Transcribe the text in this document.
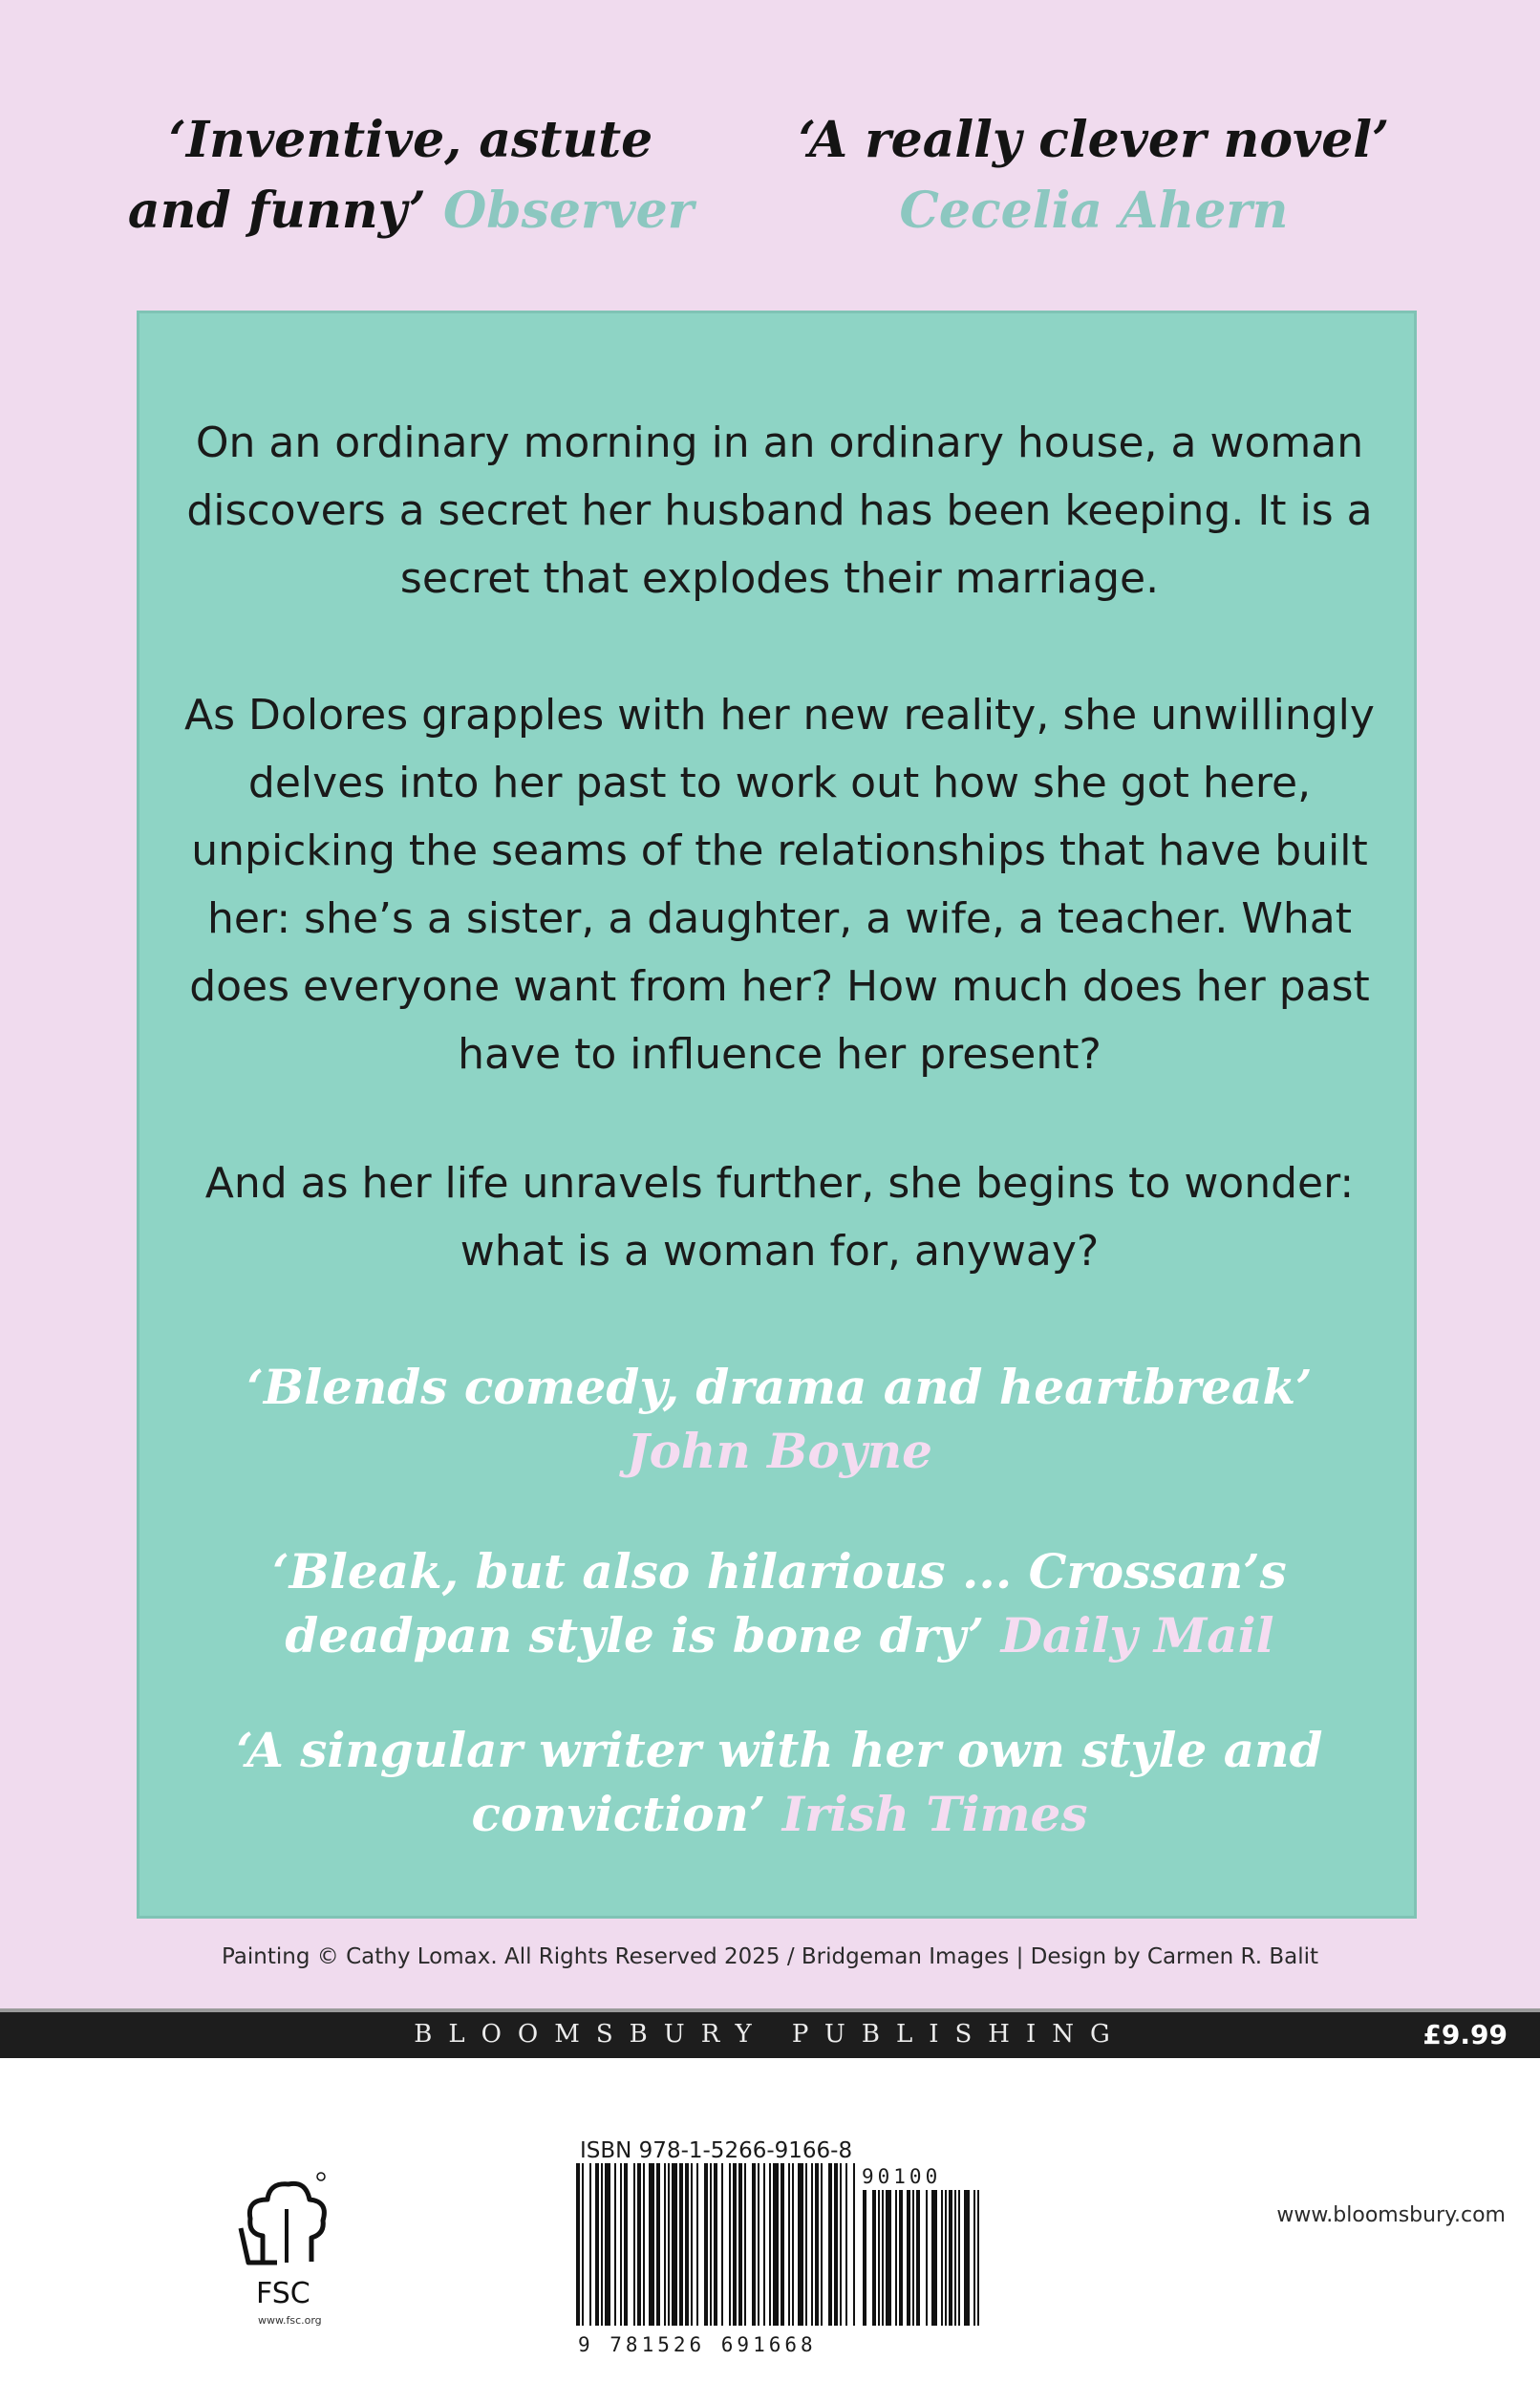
‘Inventive, astute and funny’ Observer
‘A really clever novel’
Cecelia Ahern

On an ordinary morning in an ordinary house, a woman discovers a secret her husband has been keeping. It is a secret that explodes their marriage.

As Dolores grapples with her new reality, she unwillingly delves into her past to work out how she got here, unpicking the seams of the relationships that have built her: she’s a sister, a daughter, a wife, a teacher. What does everyone want from her? How much does her past have to influence her present?

And as her life unravels further, she begins to wonder: what is a woman for, anyway?

‘Blends comedy, drama and heartbreak’
John Boyne

‘Bleak, but also hilarious ... Crossan’s deadpan style is bone dry’ Daily Mail

‘A singular writer with her own style and conviction’ Irish Times

Painting © Cathy Lomax. All Rights Reserved 2025 / Bridgeman Images | Design by Carmen R. Balit
BLOOMSBURY PUBLISHING	£9.99
FSC
www.fsc.org
ISBN 978-1-5266-9166-8
90100
9 781526 691668
www.bloomsbury.com
